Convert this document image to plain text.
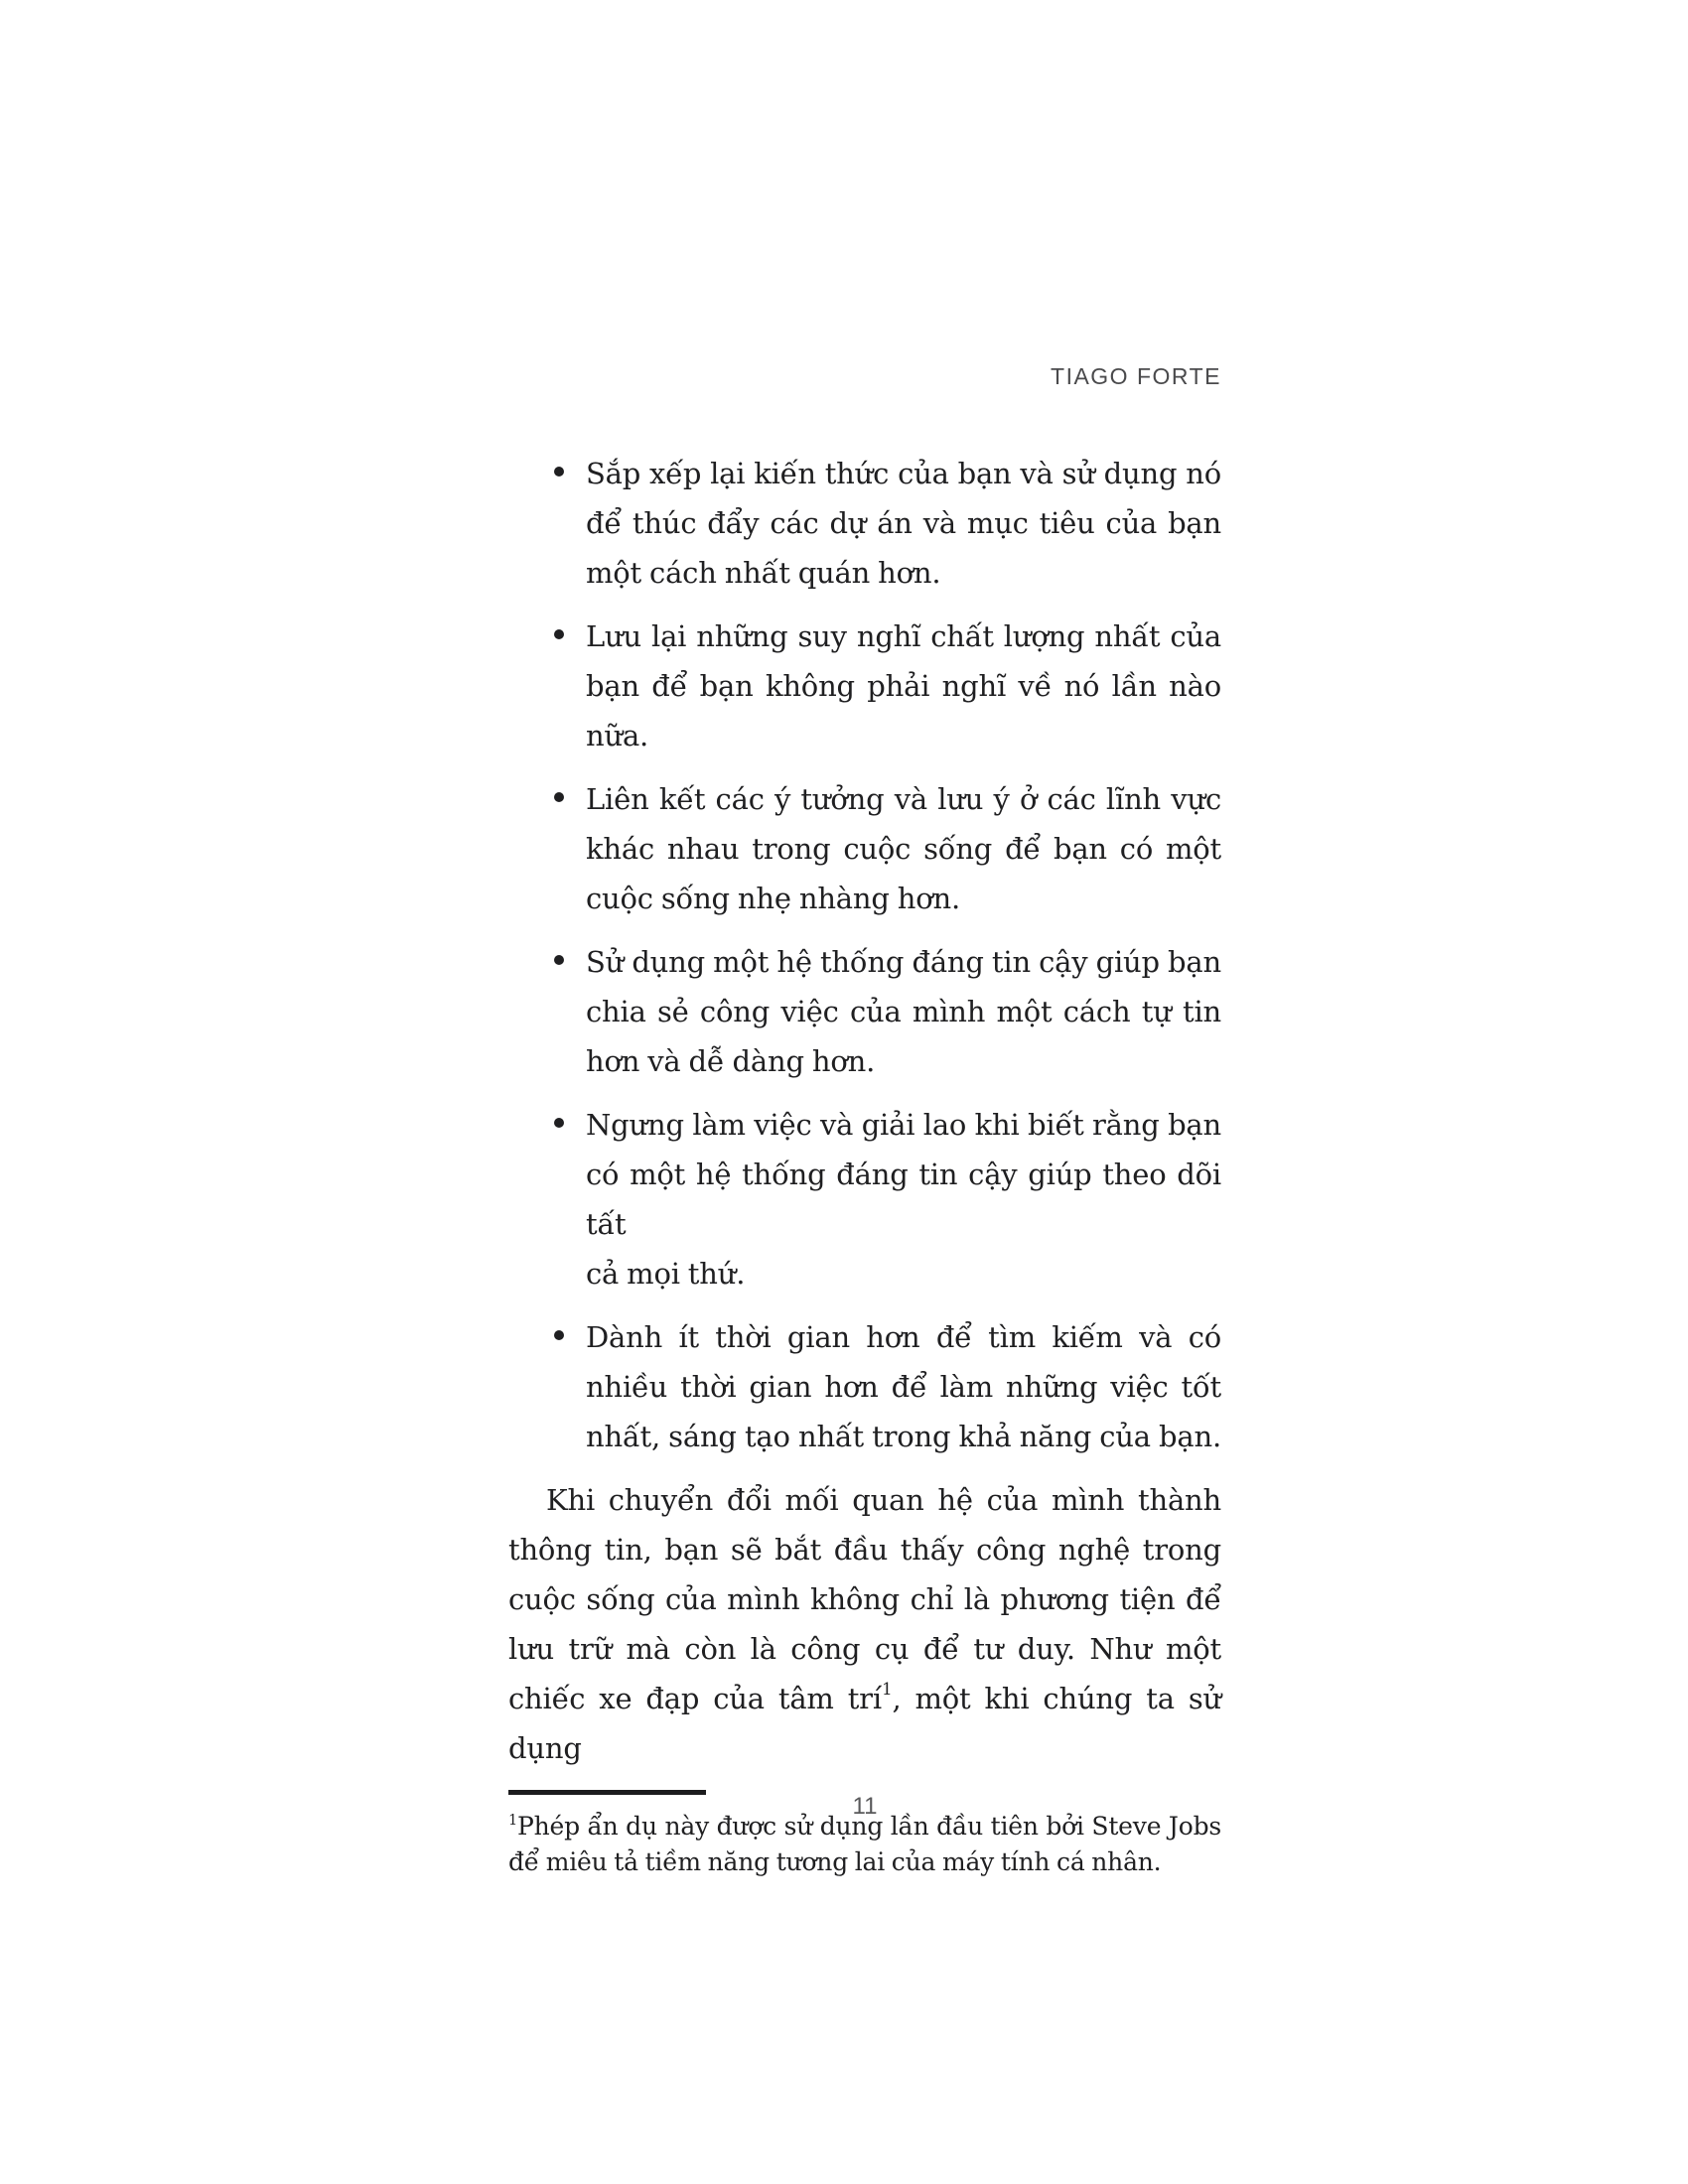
TIAGO FORTE
Sắp xếp lại kiến thức của bạn và sử dụng nó
để thúc đẩy các dự án và mục tiêu của bạn
một cách nhất quán hơn.
Lưu lại những suy nghĩ chất lượng nhất của
bạn để bạn không phải nghĩ về nó lần nào nữa.
Liên kết các ý tưởng và lưu ý ở các lĩnh vực
khác nhau trong cuộc sống để bạn có một
cuộc sống nhẹ nhàng hơn.
Sử dụng một hệ thống đáng tin cậy giúp bạn
chia sẻ công việc của mình một cách tự tin
hơn và dễ dàng hơn.
Ngưng làm việc và giải lao khi biết rằng bạn
có một hệ thống đáng tin cậy giúp theo dõi tất
cả mọi thứ.
Dành ít thời gian hơn để tìm kiếm và có
nhiều thời gian hơn để làm những việc tốt
nhất, sáng tạo nhất trong khả năng của bạn.
Khi chuyển đổi mối quan hệ của mình thành
thông tin, bạn sẽ bắt đầu thấy công nghệ trong
cuộc sống của mình không chỉ là phương tiện để
lưu trữ mà còn là công cụ để tư duy. Như một
chiếc xe đạp của tâm trí$^1$, một khi chúng ta sử dụng
$^1$Phép ẩn dụ này được sử dụng lần đầu tiên bởi Steve Jobs
để miêu tả tiềm năng tương lai của máy tính cá nhân.
11
